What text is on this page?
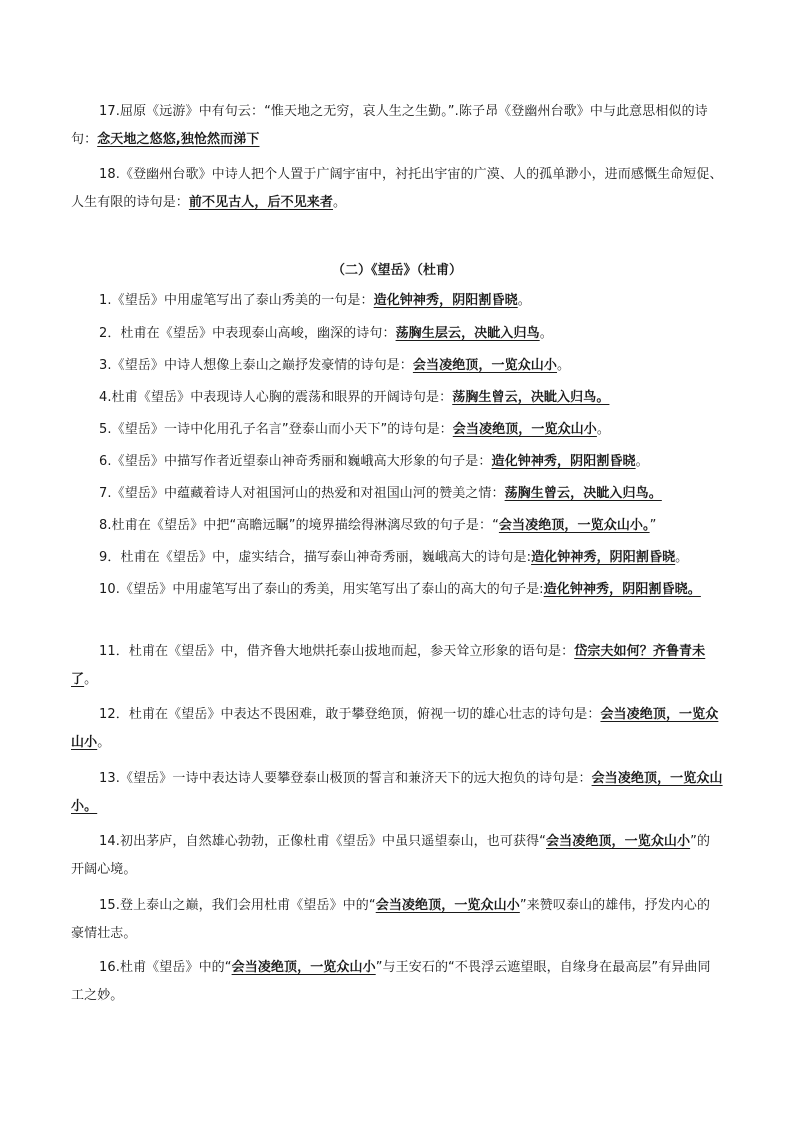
17.屈原《远游》中有句云：“惟天地之无穷，哀人生之生勤。”.陈子昂《登幽州台歌》中与此意思相似的诗句：念天地之悠悠,独怆然而涕下

18.《登幽州台歌》中诗人把个人置于广阔宇宙中，衬托出宇宙的广漠、人的孤单渺小，进而感慨生命短促、人生有限的诗句是：前不见古人，后不见来者。

（二）《望岳》（杜甫）

1.《望岳》中用虚笔写出了泰山秀美的一句是：造化钟神秀，阴阳割昏晓。

2．杜甫在《望岳》中表现泰山高峻，幽深的诗句：荡胸生层云，决眦入归鸟。

3.《望岳》中诗人想像上泰山之巅抒发豪情的诗句是：会当凌绝顶，一览众山小。

4.杜甫《望岳》中表现诗人心胸的震荡和眼界的开阔诗句是：荡胸生曾云，决眦入归鸟。

5.《望岳》一诗中化用孔子名言”登泰山而小天下”的诗句是：会当凌绝顶，一览众山小。

6.《望岳》中描写作者近望泰山神奇秀丽和巍峨高大形象的句子是：造化钟神秀，阴阳割昏晓。

7.《望岳》中蕴藏着诗人对祖国河山的热爱和对祖国山河的赞美之情：荡胸生曾云，决眦入归鸟。

8.杜甫在《望岳》中把“高瞻远瞩”的境界描绘得淋漓尽致的句子是：“会当凌绝顶，一览众山小。”

9．杜甫在《望岳》中，虚实结合，描写泰山神奇秀丽，巍峨高大的诗句是:造化钟神秀，阴阳割昏晓。

10.《望岳》中用虚笔写出了泰山的秀美，用实笔写出了泰山的高大的句子是:造化钟神秀，阴阳割昏晓。

11．杜甫在《望岳》中，借齐鲁大地烘托泰山拔地而起，参天耸立形象的语句是：岱宗夫如何？齐鲁青未了。

12．杜甫在《望岳》中表达不畏困难，敢于攀登绝顶，俯视一切的雄心壮志的诗句是：会当凌绝顶，一览众山小。

13.《望岳》一诗中表达诗人要攀登泰山极顶的誓言和兼济天下的远大抱负的诗句是：会当凌绝顶，一览众山小。

14.初出茅庐，自然雄心勃勃，正像杜甫《望岳》中虽只遥望泰山，也可获得“会当凌绝顶，一览众山小”的开阔心境。

15.登上泰山之巅，我们会用杜甫《望岳》中的“会当凌绝顶，一览众山小”来赞叹泰山的雄伟，抒发内心的豪情壮志。

16.杜甫《望岳》中的“会当凌绝顶，一览众山小”与王安石的“不畏浮云遮望眼，自缘身在最高层”有异曲同工之妙。
